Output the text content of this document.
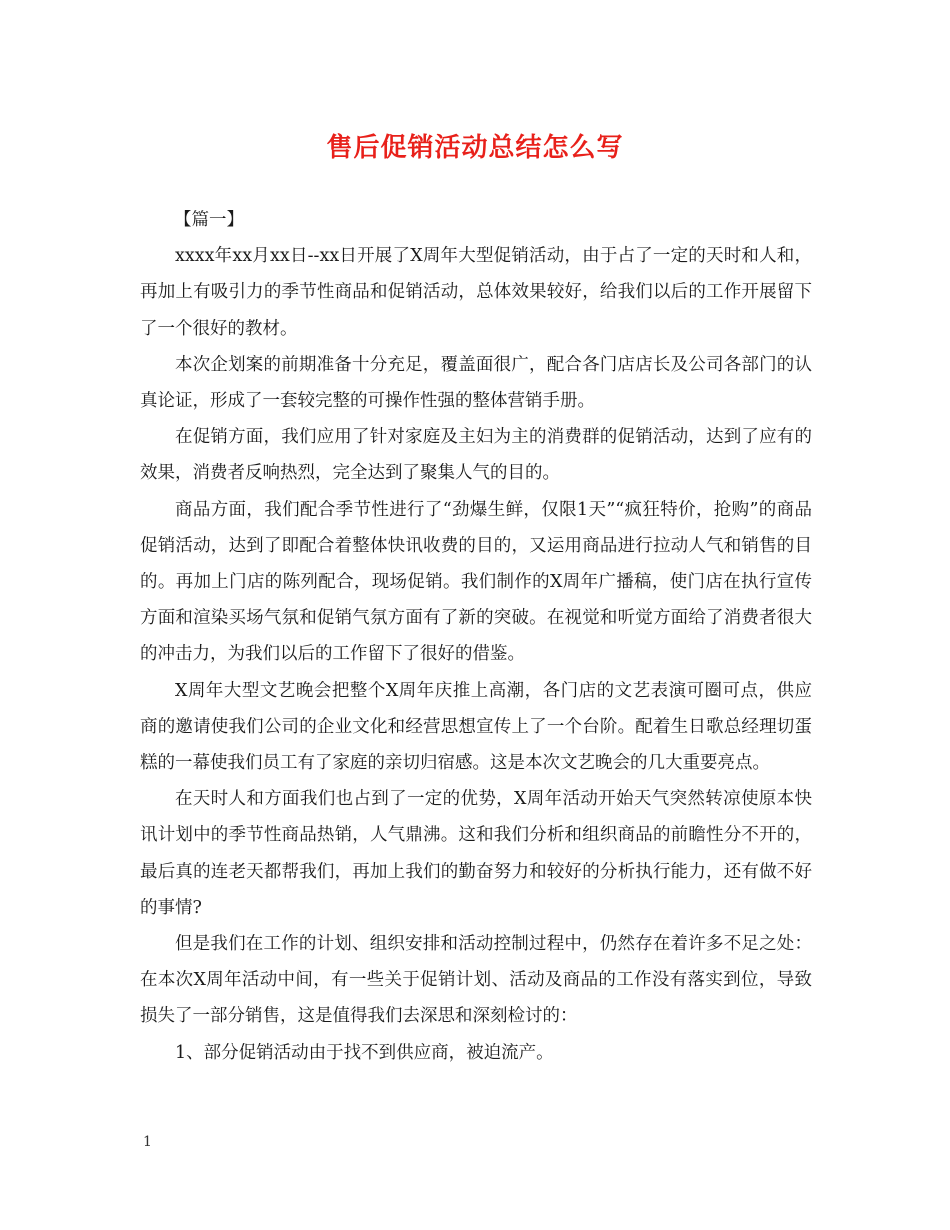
售后促销活动总结怎么写

【篇一】

xxxx年xx月xx日--xx日开展了X周年大型促销活动，由于占了一定的天时和人和，再加上有吸引力的季节性商品和促销活动，总体效果较好，给我们以后的工作开展留下了一个很好的教材。

本次企划案的前期准备十分充足，覆盖面很广，配合各门店店长及公司各部门的认真论证，形成了一套较完整的可操作性强的整体营销手册。

在促销方面，我们应用了针对家庭及主妇为主的消费群的促销活动，达到了应有的效果，消费者反响热烈，完全达到了聚集人气的目的。

商品方面，我们配合季节性进行了“劲爆生鲜，仅限1天”“疯狂特价，抢购”的商品促销活动，达到了即配合着整体快讯收费的目的，又运用商品进行拉动人气和销售的目的。再加上门店的陈列配合，现场促销。我们制作的X周年广播稿，使门店在执行宣传方面和渲染买场气氛和促销气氛方面有了新的突破。在视觉和听觉方面给了消费者很大的冲击力，为我们以后的工作留下了很好的借鉴。

X周年大型文艺晚会把整个X周年庆推上高潮，各门店的文艺表演可圈可点，供应商的邀请使我们公司的企业文化和经营思想宣传上了一个台阶。配着生日歌总经理切蛋糕的一幕使我们员工有了家庭的亲切归宿感。这是本次文艺晚会的几大重要亮点。

在天时人和方面我们也占到了一定的优势，X周年活动开始天气突然转凉使原本快讯计划中的季节性商品热销，人气鼎沸。这和我们分析和组织商品的前瞻性分不开的，最后真的连老天都帮我们，再加上我们的勤奋努力和较好的分析执行能力，还有做不好的事情?

但是我们在工作的计划、组织安排和活动控制过程中，仍然存在着许多不足之处：在本次X周年活动中间，有一些关于促销计划、活动及商品的工作没有落实到位，导致损失了一部分销售，这是值得我们去深思和深刻检讨的：

1、部分促销活动由于找不到供应商，被迫流产。

1
